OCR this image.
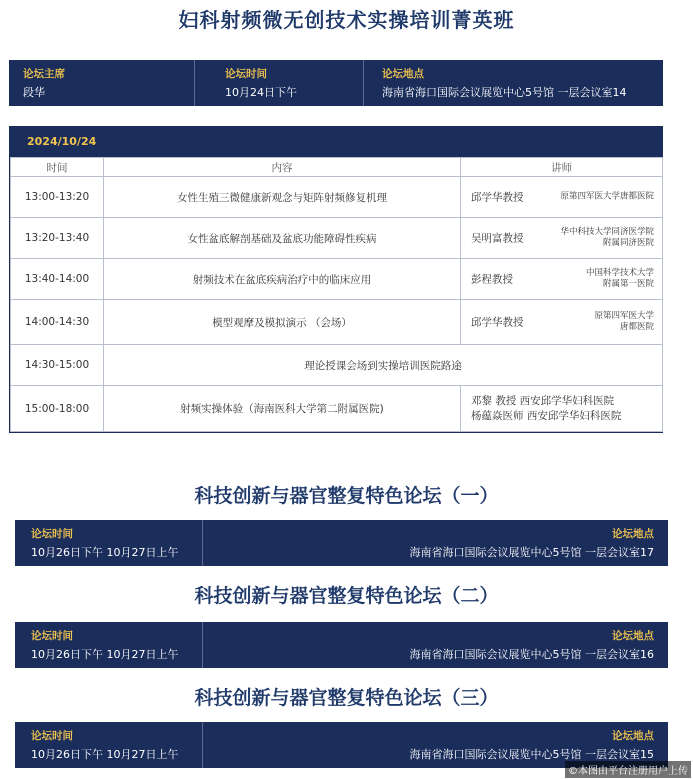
妇科射频微无创技术实操培训菁英班
论坛主席
段华
论坛时间
10月24日下午
论坛地点
海南省海口国际会议展览中心5号馆 一层会议室14
2024/10/24
时间	内容	讲师
13:00-13:20	女性生殖三微健康新观念与矩阵射频修复机理	邱学华教授 原第四军医大学唐都医院

13:20-13:40	女性盆底解剖基础及盆底功能障碍性疾病	吴明富教授
华中科技大学同济医学院
附属同济医院

13:40-14:00	射频技术在盆底疾病治疗中的临床应用	彭程教授
中国科学技术大学
附属第一医院

14:00-14:30	模型观摩及模拟演示 （会场）	邱学华教授
原第四军医大学
唐都医院

14:30-15:00	理论授课会场到实操培训医院路途	
15:00-18:00	射频实操体验（海南医科大学第二附属医院)	邓黎 教授 西安邱学华妇科医院
杨蕴焱医师 西安邱学华妇科医院
科技创新与器官整复特色论坛（一）
论坛时间
10月26日下午 10月27日上午
论坛地点
海南省海口国际会议展览中心5号馆 一层会议室17
科技创新与器官整复特色论坛（二）
论坛时间
10月26日下午 10月27日上午
论坛地点
海南省海口国际会议展览中心5号馆 一层会议室16
科技创新与器官整复特色论坛（三）
论坛时间
10月26日下午 10月27日上午
论坛地点
海南省海口国际会议展览中心5号馆 一层会议室15
©本图由平台注册用户上传
